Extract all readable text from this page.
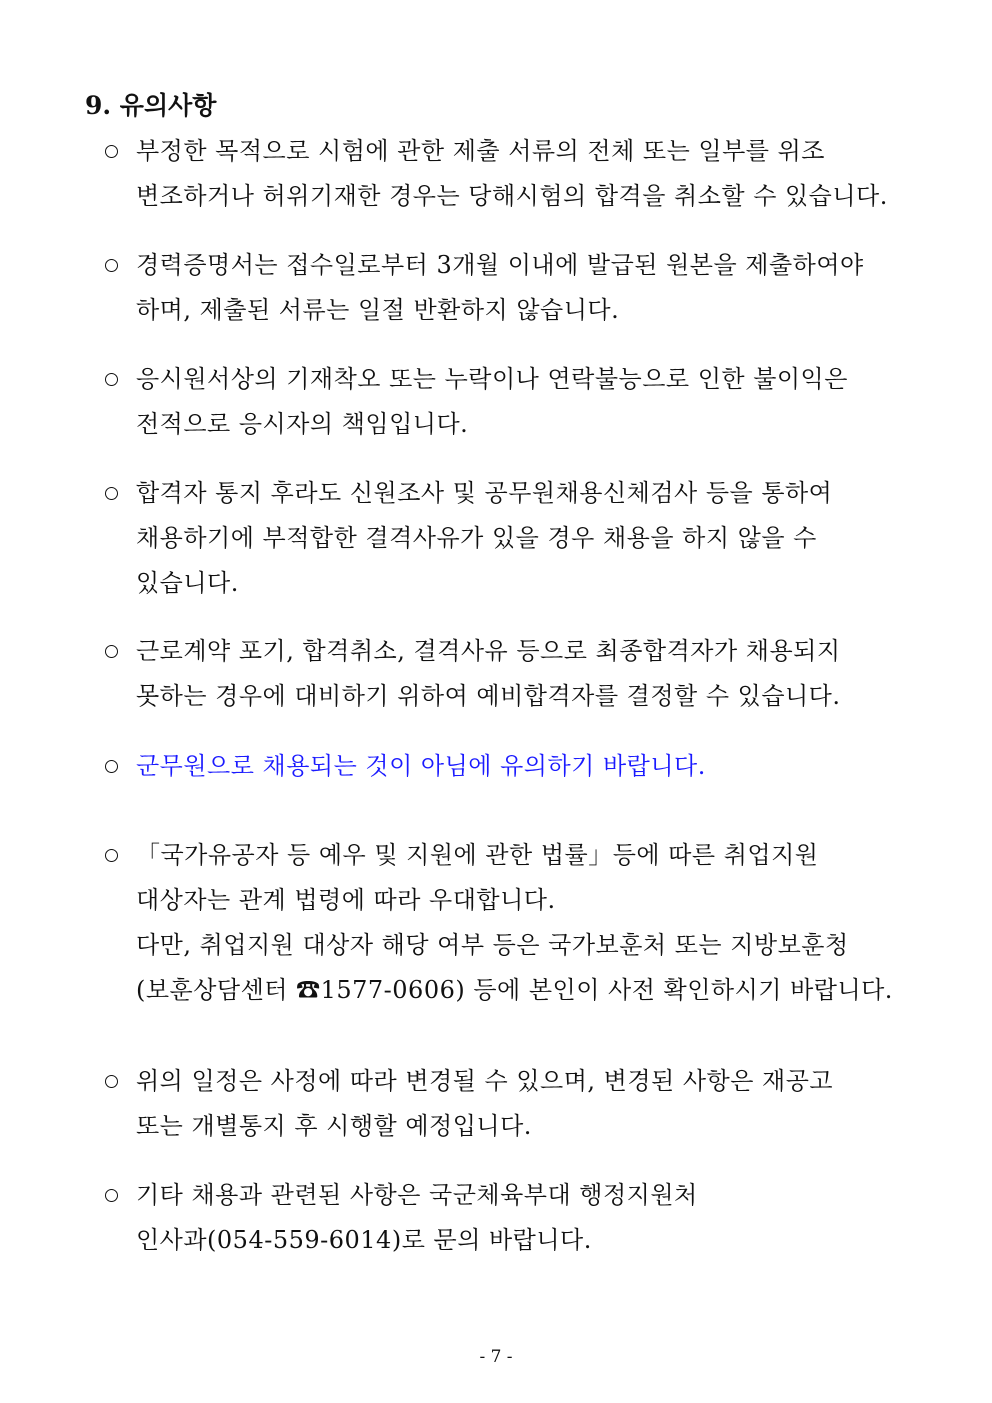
9. 유의사항
부정한 목적으로 시험에 관한 제출 서류의 전체 또는 일부를 위조
변조하거나 허위기재한 경우는 당해시험의 합격을 취소할 수 있습니다.
경력증명서는 접수일로부터 3개월 이내에 발급된 원본을 제출하여야
하며, 제출된 서류는 일절 반환하지 않습니다.
응시원서상의 기재착오 또는 누락이나 연락불능으로 인한 불이익은
전적으로 응시자의 책임입니다.
합격자 통지 후라도 신원조사 및 공무원채용신체검사 등을 통하여
채용하기에 부적합한 결격사유가 있을 경우 채용을 하지 않을 수
있습니다.
근로계약 포기, 합격취소, 결격사유 등으로 최종합격자가 채용되지
못하는 경우에 대비하기 위하여 예비합격자를 결정할 수 있습니다.
군무원으로 채용되는 것이 아님에 유의하기 바랍니다.
「국가유공자 등 예우 및 지원에 관한 법률」등에 따른 취업지원
대상자는 관계 법령에 따라 우대합니다.
다만, 취업지원 대상자 해당 여부 등은 국가보훈처 또는 지방보훈청
(보훈상담센터 ☎1577-0606) 등에 본인이 사전 확인하시기 바랍니다.
위의 일정은 사정에 따라 변경될 수 있으며, 변경된 사항은 재공고
또는 개별통지 후 시행할 예정입니다.
기타 채용과 관련된 사항은 국군체육부대 행정지원처
인사과(054-559-6014)로 문의 바랍니다.
- 7 -
